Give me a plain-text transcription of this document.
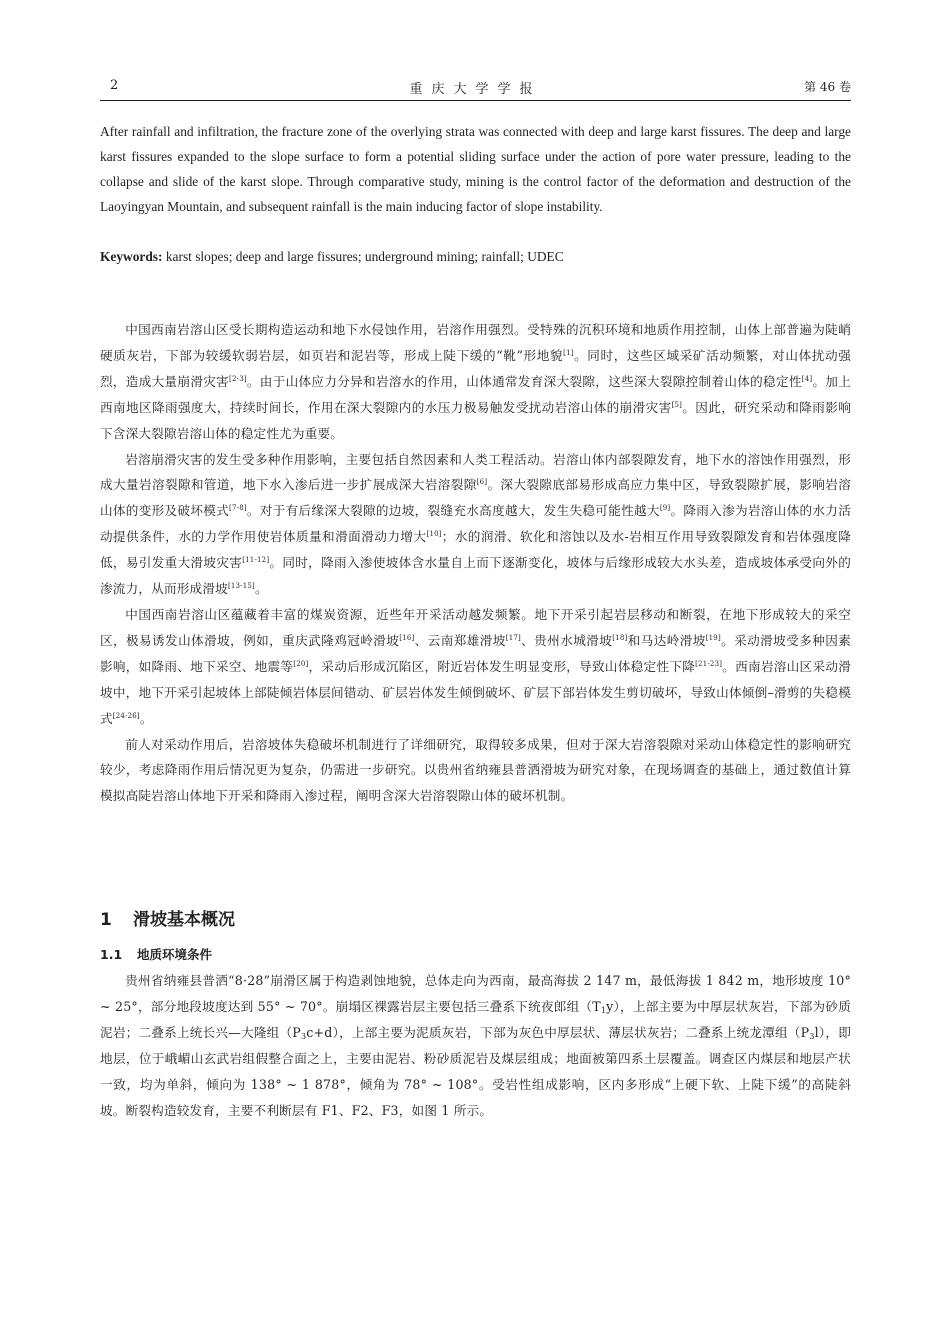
2	重庆大学学报	第 46 卷
After rainfall and infiltration, the fracture zone of the overlying strata was connected with deep and large karst fissures. The deep and large karst fissures expanded to the slope surface to form a potential sliding surface under the action of pore water pressure, leading to the collapse and slide of the karst slope. Through comparative study, mining is the control factor of the deformation and destruction of the Laoyingyan Mountain, and subsequent rainfall is the main inducing factor of slope instability.
Keywords: karst slopes; deep and large fissures; underground mining; rainfall; UDEC

中国西南岩溶山区受长期构造运动和地下水侵蚀作用，岩溶作用强烈。受特殊的沉积环境和地质作用控制，山体上部普遍为陡峭硬质灰岩，下部为较缓软弱岩层，如页岩和泥岩等，形成上陡下缓的“靴”形地貌[1]。同时，这些区域采矿活动频繁，对山体扰动强烈，造成大量崩滑灾害[2-3]。由于山体应力分异和岩溶水的作用，山体通常发育深大裂隙，这些深大裂隙控制着山体的稳定性[4]。加上西南地区降雨强度大，持续时间长，作用在深大裂隙内的水压力极易触发受扰动岩溶山体的崩滑灾害[5]。因此，研究采动和降雨影响下含深大裂隙岩溶山体的稳定性尤为重要。

岩溶崩滑灾害的发生受多种作用影响，主要包括自然因素和人类工程活动。岩溶山体内部裂隙发育，地下水的溶蚀作用强烈，形成大量岩溶裂隙和管道，地下水入渗后进一步扩展成深大岩溶裂隙[6]。深大裂隙底部易形成高应力集中区，导致裂隙扩展，影响岩溶山体的变形及破坏模式[7-8]。对于有后缘深大裂隙的边坡，裂缝充水高度越大，发生失稳可能性越大[9]。降雨入渗为岩溶山体的水力活动提供条件，水的力学作用使岩体质量和滑面滑动力增大[10]；水的润滑、软化和溶蚀以及水-岩相互作用导致裂隙发育和岩体强度降低，易引发重大滑坡灾害[11-12]。同时，降雨入渗使坡体含水量自上而下逐渐变化，坡体与后缘形成较大水头差，造成坡体承受向外的渗流力，从而形成滑坡[13-15]。

中国西南岩溶山区蕴藏着丰富的煤炭资源，近些年开采活动越发频繁。地下开采引起岩层移动和断裂，在地下形成较大的采空区，极易诱发山体滑坡，例如，重庆武隆鸡冠岭滑坡[16]、云南郑雄滑坡[17]、贵州水城滑坡[18]和马达岭滑坡[19]。采动滑坡受多种因素影响，如降雨、地下采空、地震等[20]，采动后形成沉陷区，附近岩体发生明显变形，导致山体稳定性下降[21-23]。西南岩溶山区采动滑坡中，地下开采引起坡体上部陡倾岩体层间错动、矿层岩体发生倾倒破坏、矿层下部岩体发生剪切破坏，导致山体倾倒–滑剪的失稳模式[24-26]。

前人对采动作用后，岩溶坡体失稳破坏机制进行了详细研究，取得较多成果，但对于深大岩溶裂隙对采动山体稳定性的影响研究较少，考虑降雨作用后情况更为复杂，仍需进一步研究。以贵州省纳雍县普洒滑坡为研究对象，在现场调查的基础上，通过数值计算模拟高陡岩溶山体地下开采和降雨入渗过程，阐明含深大岩溶裂隙山体的破坏机制。

1 滑坡基本概况
1.1 地质环境条件

贵州省纳雍县普洒“8·28”崩滑区属于构造剥蚀地貌，总体走向为西南，最高海拔 2 147 m，最低海拔 1 842 m，地形坡度 10° ~ 25°，部分地段坡度达到 55° ~ 70°。崩塌区裸露岩层主要包括三叠系下统夜郎组$(T_1y)$，上部主要为中厚层状灰岩，下部为砂质泥岩；二叠系上统长兴—大隆组$(P_3c+d)$，上部主要为泥质灰岩，下部为灰色中厚层状、薄层状灰岩；二叠系上统龙潭组$(P_3l)$，即地层，位于峨嵋山玄武岩组假整合面之上，主要由泥岩、粉砂质泥岩及煤层组成；地面被第四系土层覆盖。调查区内煤层和地层产状一致，均为单斜，倾向为 138° ~ 1 878°，倾角为 78° ~ 108°。受岩性组成影响，区内多形成“上硬下软、上陡下缓”的高陡斜坡。断裂构造较发育，主要不利断层有 F1、F2、F3，如图 1 所示。
